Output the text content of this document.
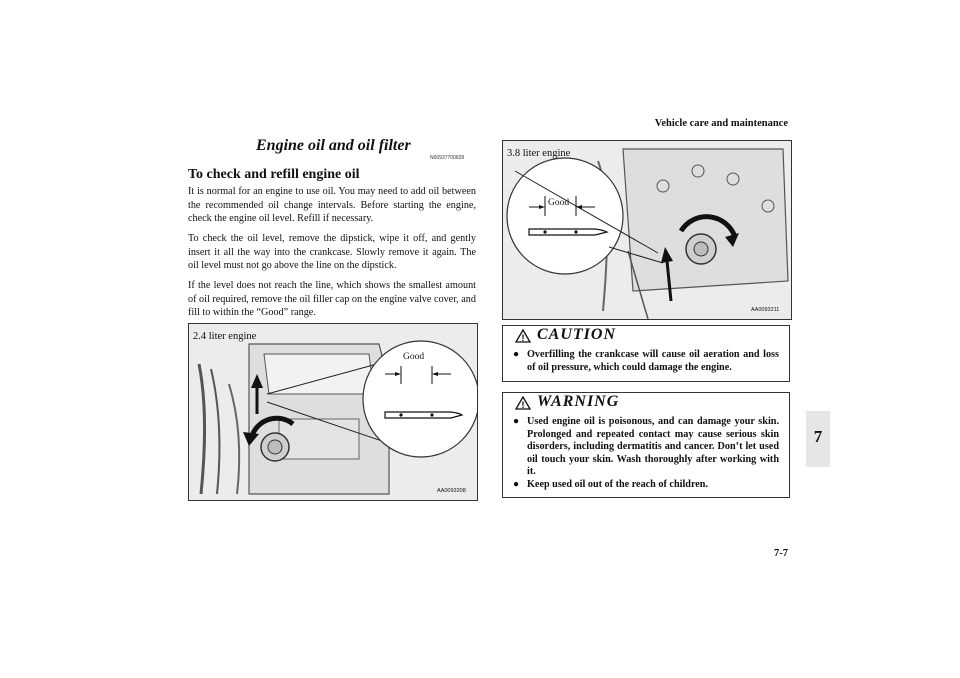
Vehicle care and maintenance
7
7-7
Engine oil and oil filter
N00937700828
To check and refill engine oil
It is normal for an engine to use oil. You may need to add oil between the recommended oil change intervals. Before starting the engine, check the engine oil level. Refill if necessary.
To check the oil level, remove the dipstick, wipe it off, and gently insert it all the way into the crankcase. Slowly remove it again. The oil level must not go above the line on the dipstick.
If the level does not reach the line, which shows the smallest amount of oil required, remove the oil filler cap on the engine valve cover, and fill to within the “Good” range.
2.4 liter engine
Good
AA0093208
3.8 liter engine
Good
AA0093211
! CAUTION
● Overfilling the crankcase will cause oil aeration and loss of oil pressure, which could damage the engine.
! WARNING
● Used engine oil is poisonous, and can damage your skin. Prolonged and repeated contact may cause serious skin disorders, including dermatitis and cancer. Don’t let used oil touch your skin. Wash thoroughly after working with it.
● Keep used oil out of the reach of children.
